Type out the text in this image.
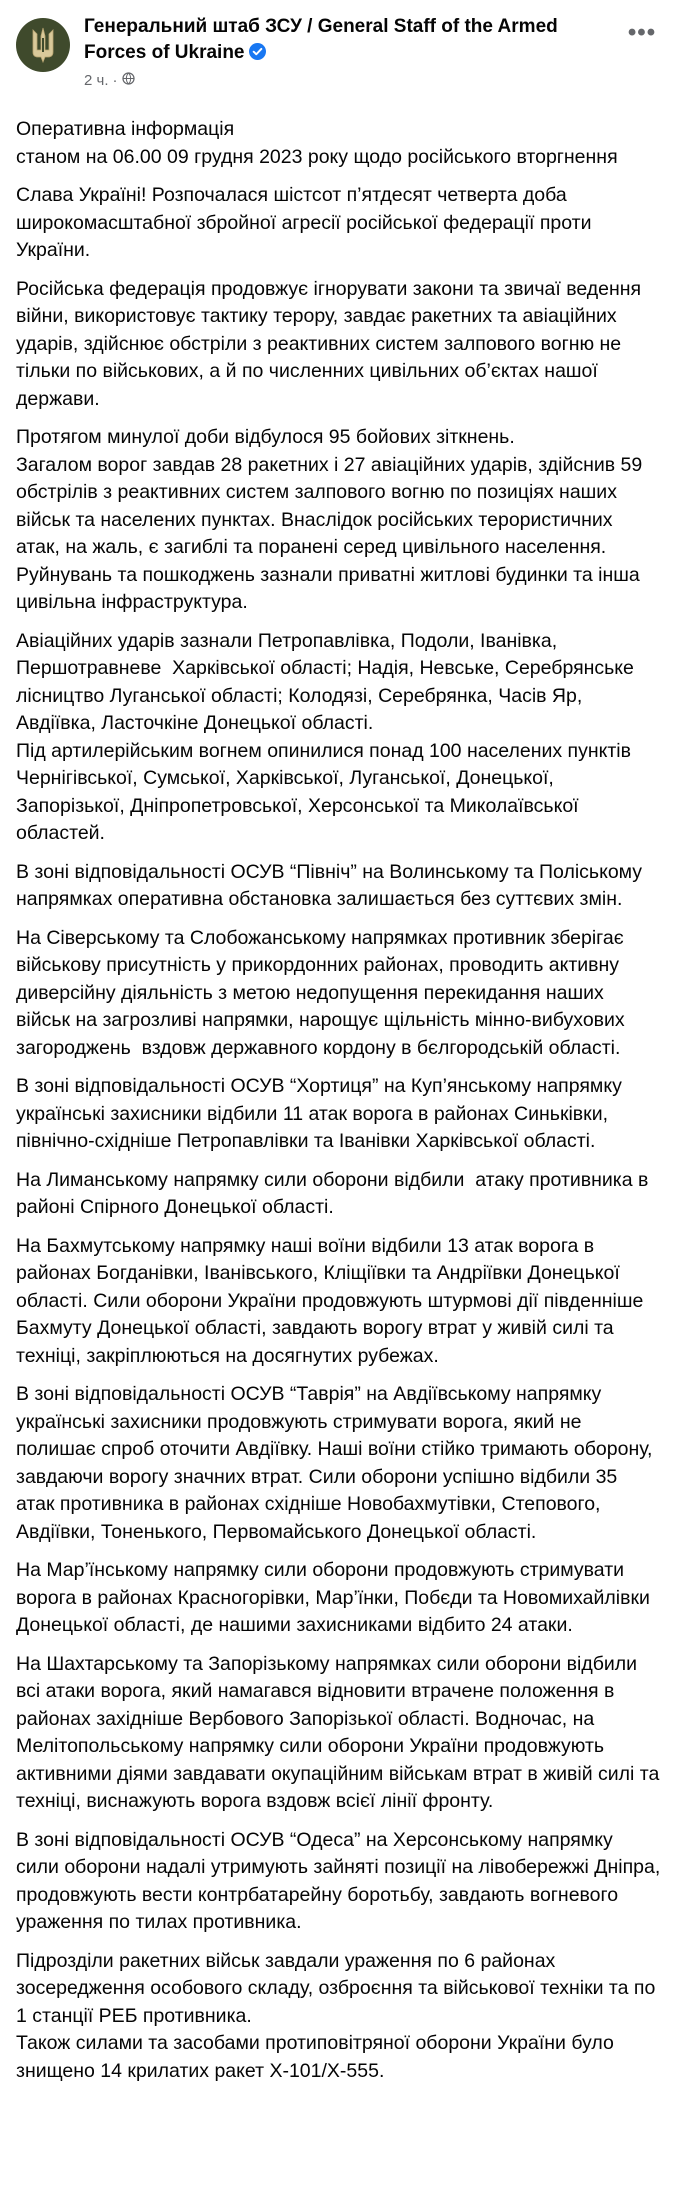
Генеральний штаб ЗСУ / General Staff of the Armed Forces of Ukraine
2 ч. ·
•••

Оперативна інформація
станом на 06.00 09 грудня 2023 року щодо російського вторгнення

Слава Україні! Розпочалася шістсот п’ятдесят четверта доба широкомасштабної збройної агресії російської федерації проти України.

Російська федерація продовжує ігнорувати закони та звичаї ведення війни, використовує тактику терору, завдає ракетних та авіаційних ударів, здійснює обстріли з реактивних систем залпового вогню не тільки по військових, а й по численних цивільних об’єктах нашої держави.

Протягом минулої доби відбулося 95 бойових зіткнень.
Загалом ворог завдав 28 ракетних і 27 авіаційних ударів, здійснив 59 обстрілів з реактивних систем залпового вогню по позиціях наших військ та населених пунктах. Внаслідок російських терористичних атак, на жаль, є загиблі та поранені серед цивільного населення. Руйнувань та пошкоджень зазнали приватні житлові будинки та інша цивільна інфраструктура.

Авіаційних ударів зазнали Петропавлівка, Подоли, Іванівка, Першотравневе  Харківської області; Надія, Невське, Серебрянське лісництво Луганської області; Колодязі, Серебрянка, Часів Яр, Авдіївка, Ласточкіне Донецької області.
Під артилерійським вогнем опинилися понад 100 населених пунктів Чернігівської, Сумської, Харківської, Луганської, Донецької, Запорізької, Дніпропетровської, Херсонської та Миколаївської областей.

В зоні відповідальності ОСУВ “Північ” на Волинському та Поліському напрямках оперативна обстановка залишається без суттєвих змін.

На Сіверському та Слобожанському напрямках противник зберігає військову присутність у прикордонних районах, проводить активну диверсійну діяльність з метою недопущення перекидання наших військ на загрозливі напрямки, нарощує щільність мінно-вибухових загороджень  вздовж державного кордону в бєлгородській області.

В зоні відповідальності ОСУВ “Хортиця” на Куп’янському напрямку українські захисники відбили 11 атак ворога в районах Синьківки, північно-східніше Петропавлівки та Іванівки Харківської області.

На Лиманському напрямку сили оборони відбили  атаку противника в районі Спірного Донецької області.

На Бахмутському напрямку наші воїни відбили 13 атак ворога в районах Богданівки, Іванівського, Кліщіївки та Андріївки Донецької області. Сили оборони України продовжують штурмові дії південніше Бахмуту Донецької області, завдають ворогу втрат у живій силі та техніці, закріплюються на досягнутих рубежах.

В зоні відповідальності ОСУВ “Таврія” на Авдіївському напрямку українські захисники продовжують стримувати ворога, який не полишає спроб оточити Авдіївку. Наші воїни стійко тримають оборону, завдаючи ворогу значних втрат. Сили оборони успішно відбили 35 атак противника в районах східніше Новобахмутівки, Степового, Авдіївки, Тоненького, Первомайського Донецької області.

На Мар’їнському напрямку сили оборони продовжують стримувати ворога в районах Красногорівки, Мар’їнки, Побєди та Новомихайлівки Донецької області, де нашими захисниками відбито 24 атаки.

На Шахтарському та Запорізькому напрямках сили оборони відбили всі атаки ворога, який намагався відновити втрачене положення в районах західніше Вербового Запорізької області. Водночас, на Мелітопольському напрямку сили оборони України продовжують активними діями завдавати окупаційним військам втрат в живій силі та техніці, виснажують ворога вздовж всієї лінії фронту.

В зоні відповідальності ОСУВ “Одеса” на Херсонському напрямку сили оборони надалі утримують зайняті позиції на лівобережжі Дніпра, продовжують вести контрбатарейну боротьбу, завдають вогневого ураження по тилах противника.

Підрозділи ракетних військ завдали ураження по 6 районах зосередження особового складу, озброєння та військової техніки та по 1 станції РЕБ противника.
Також силами та засобами протиповітряної оборони України було знищено 14 крилатих ракет Х-101/Х-555.
